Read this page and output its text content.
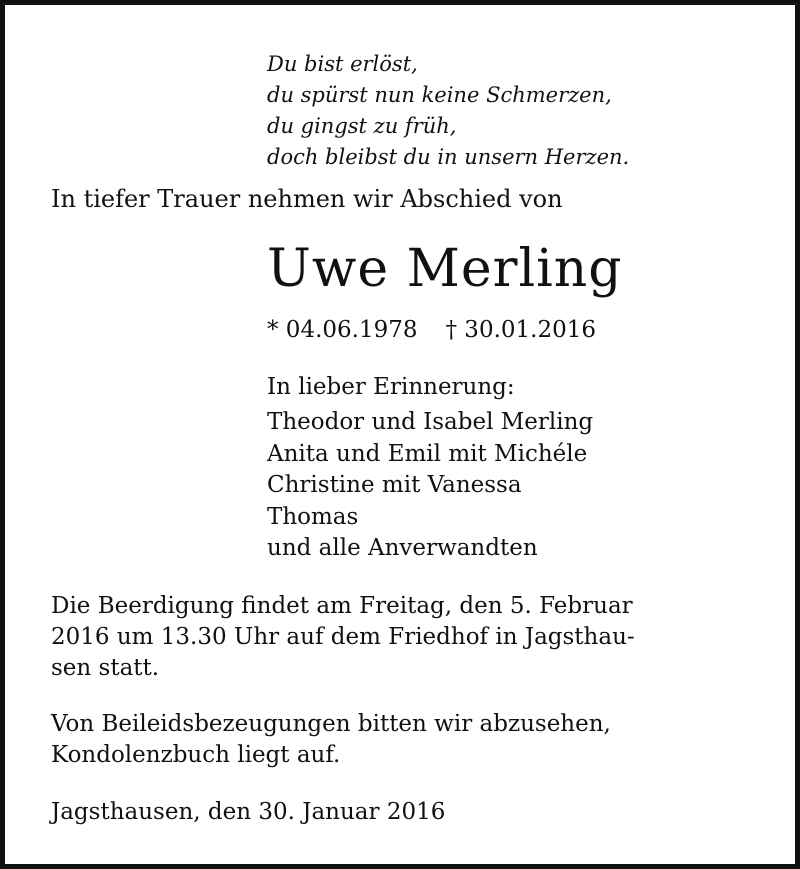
Du bist erlöst,
du spürst nun keine Schmerzen,
du gingst zu früh,
doch bleibst du in unsern Herzen.
In tiefer Trauer nehmen wir Abschied von
Uwe Merling
* 04.06.1978 † 30.01.2016
In lieber Erinnerung:
Theodor und Isabel Merling
Anita und Emil mit Michéle
Christine mit Vanessa
Thomas
und alle Anverwandten
Die Beerdigung findet am Freitag, den 5. Februar
2016 um 13.30 Uhr auf dem Friedhof in Jagsthau-
sen statt.
Von Beileidsbezeugungen bitten wir abzusehen,
Kondolenzbuch liegt auf.
Jagsthausen, den 30. Januar 2016
